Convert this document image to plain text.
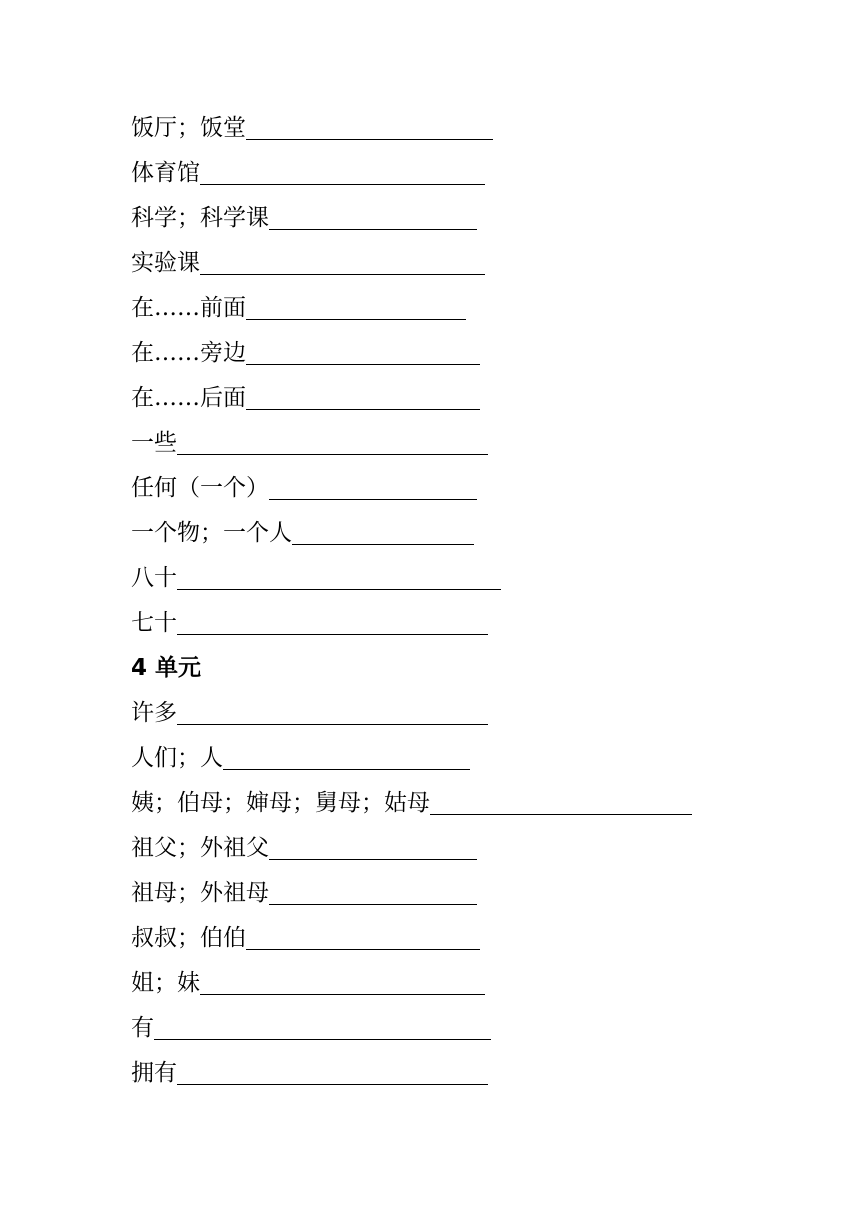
饭厅；饭堂
体育馆
科学；科学课
实验课
在……前面
在……旁边
在……后面
一些
任何（一个）
一个物；一个人
八十
七十
4 单元
许多
人们；人
姨；伯母；婶母；舅母；姑母
祖父；外祖父
祖母；外祖母
叔叔；伯伯
姐；妹
有
拥有
